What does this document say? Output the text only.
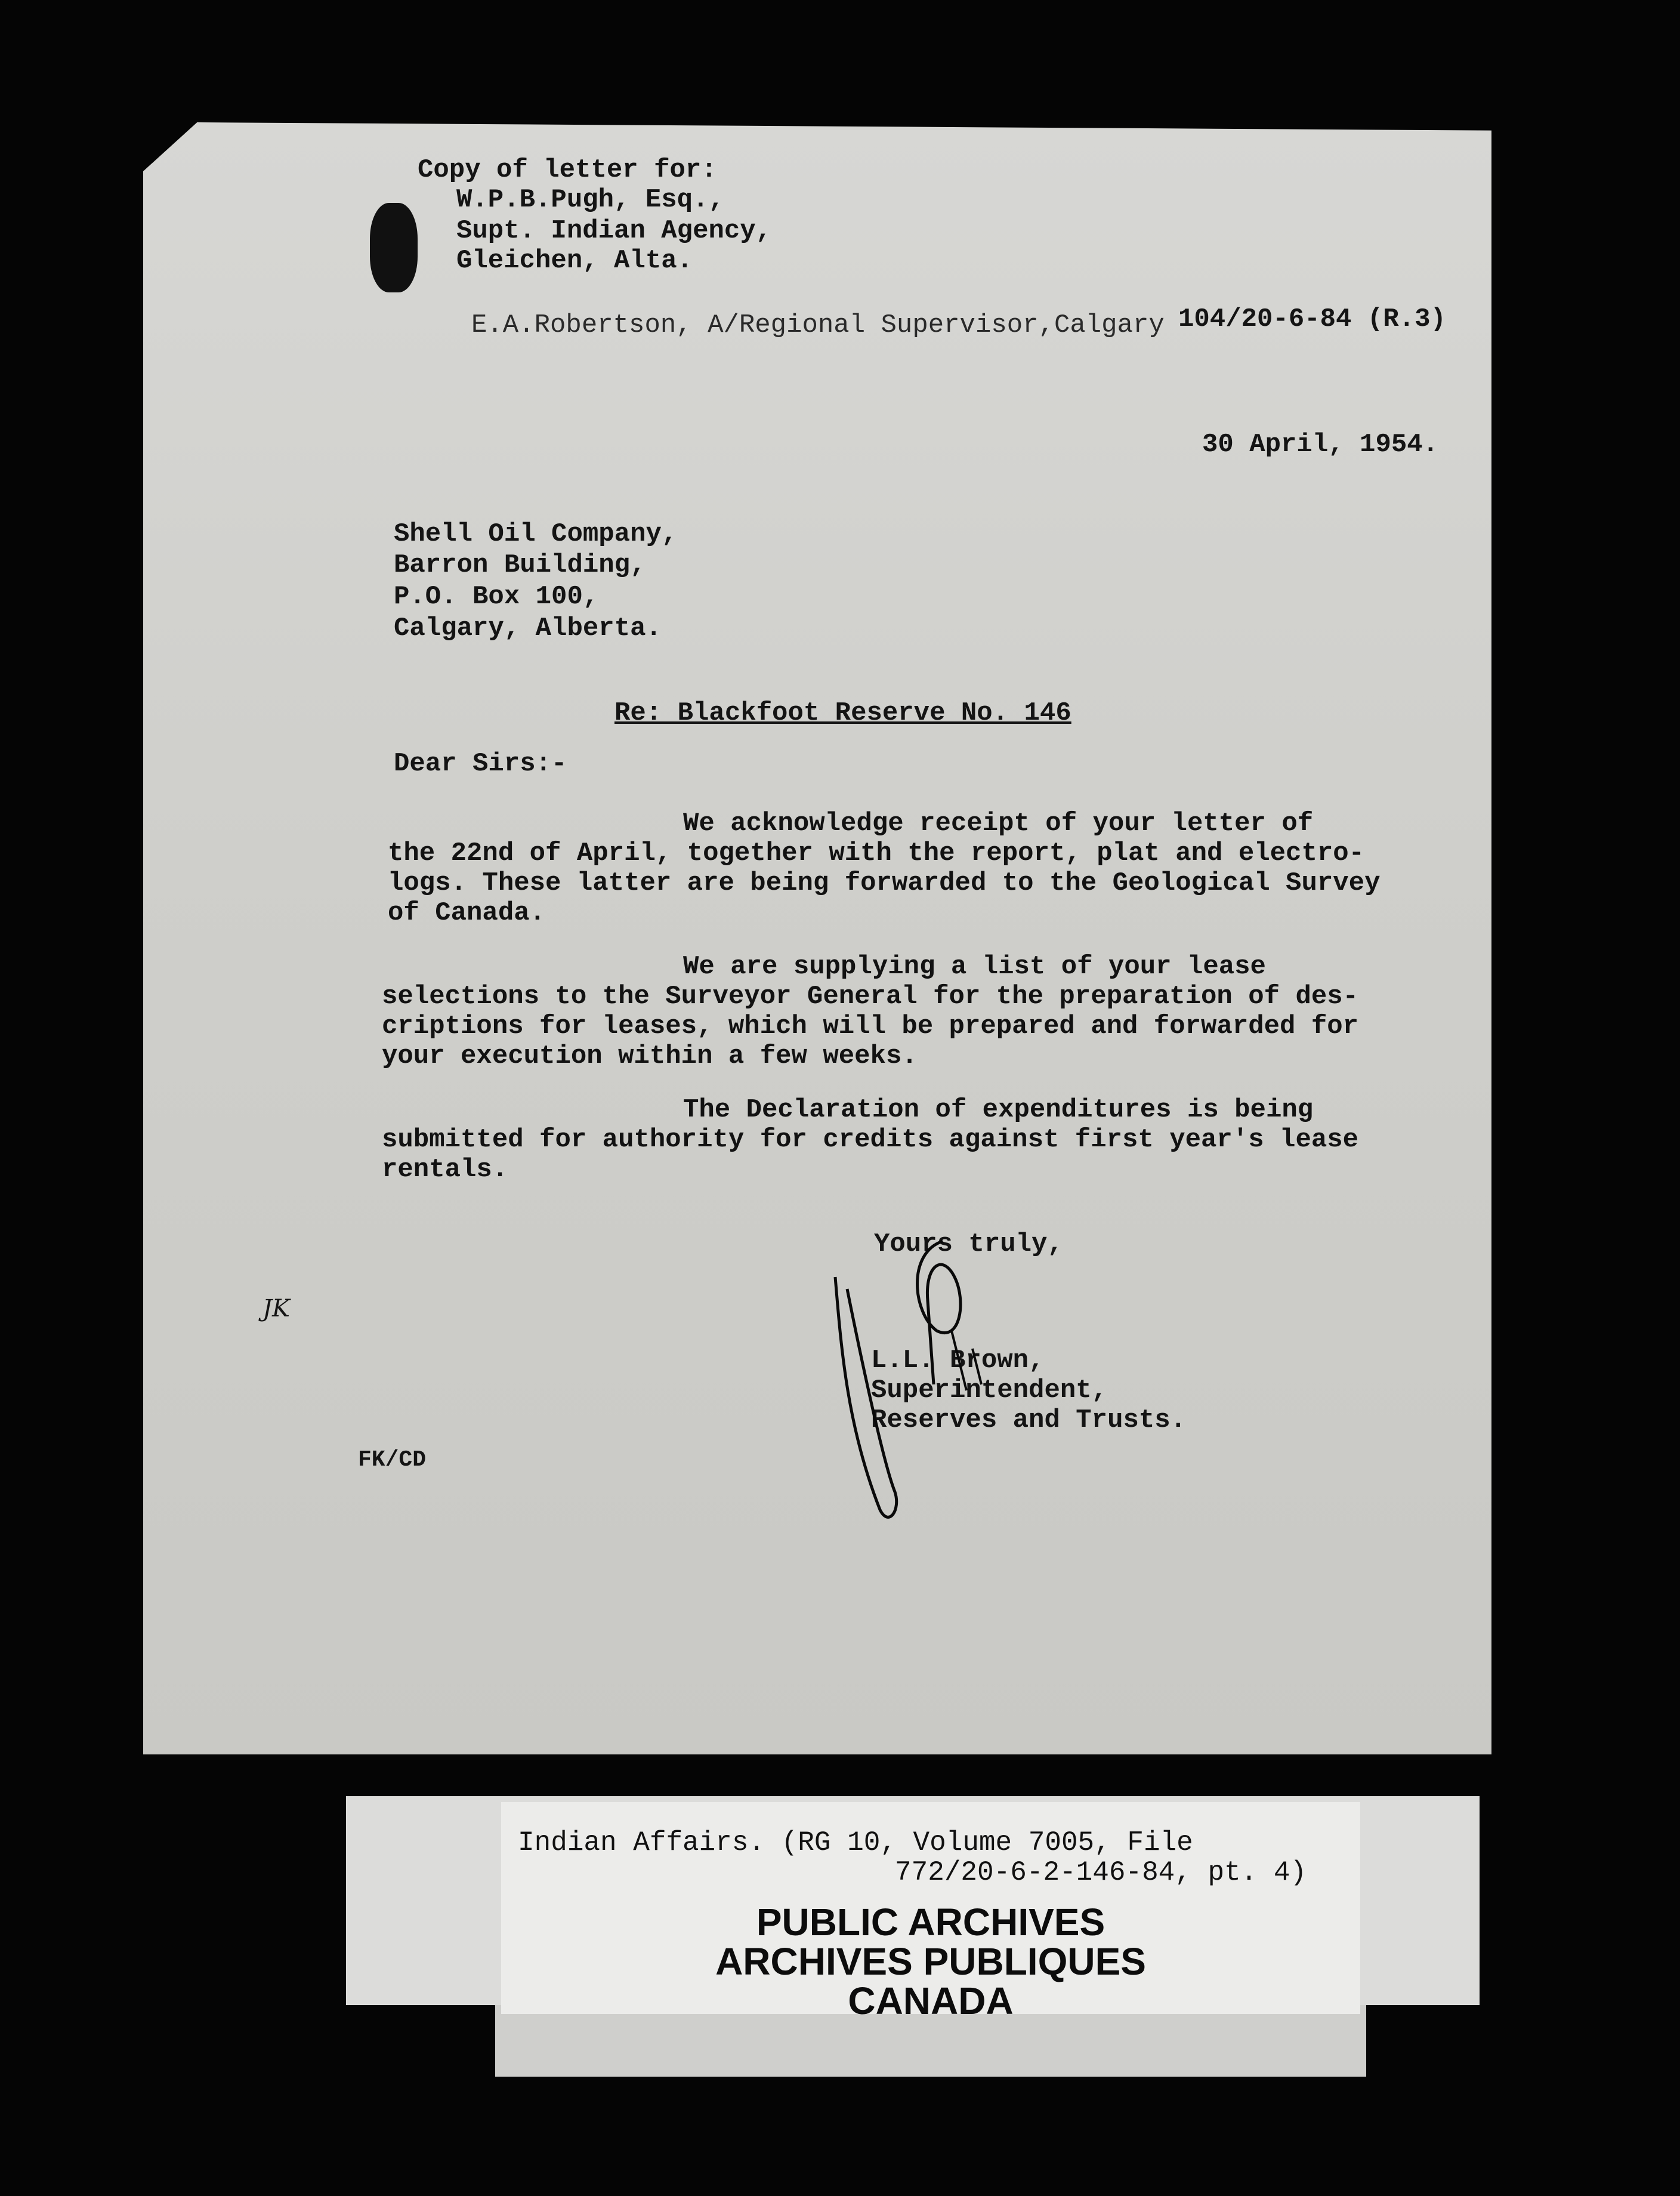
Copy of letter for:
W.P.B.Pugh, Esq.,
Supt. Indian Agency,
Gleichen, Alta.
E.A.Robertson, A/Regional Supervisor,Calgary 104/20-6-84 (R.3)
30 April, 1954.
Shell Oil Company,
Barron Building,
P.O. Box 100,
Calgary, Alberta.
Re: Blackfoot Reserve No. 146
Dear Sirs:-
We acknowledge receipt of your letter of
the 22nd of April, together with the report, plat and electro-
logs. These latter are being forwarded to the Geological Survey
of Canada.
We are supplying a list of your lease
selections to the Surveyor General for the preparation of des-
criptions for leases, which will be prepared and forwarded for
your execution within a few weeks.
The Declaration of expenditures is being
submitted for authority for credits against first year's lease
rentals.
Yours truly,
L.L. Brown,
Superintendent,
Reserves and Trusts.
JK
FK/CD
Indian Affairs. (RG 10, Volume 7005, File
772/20-6-2-146-84, pt. 4)
PUBLIC ARCHIVES
ARCHIVES PUBLIQUES
CANADA
